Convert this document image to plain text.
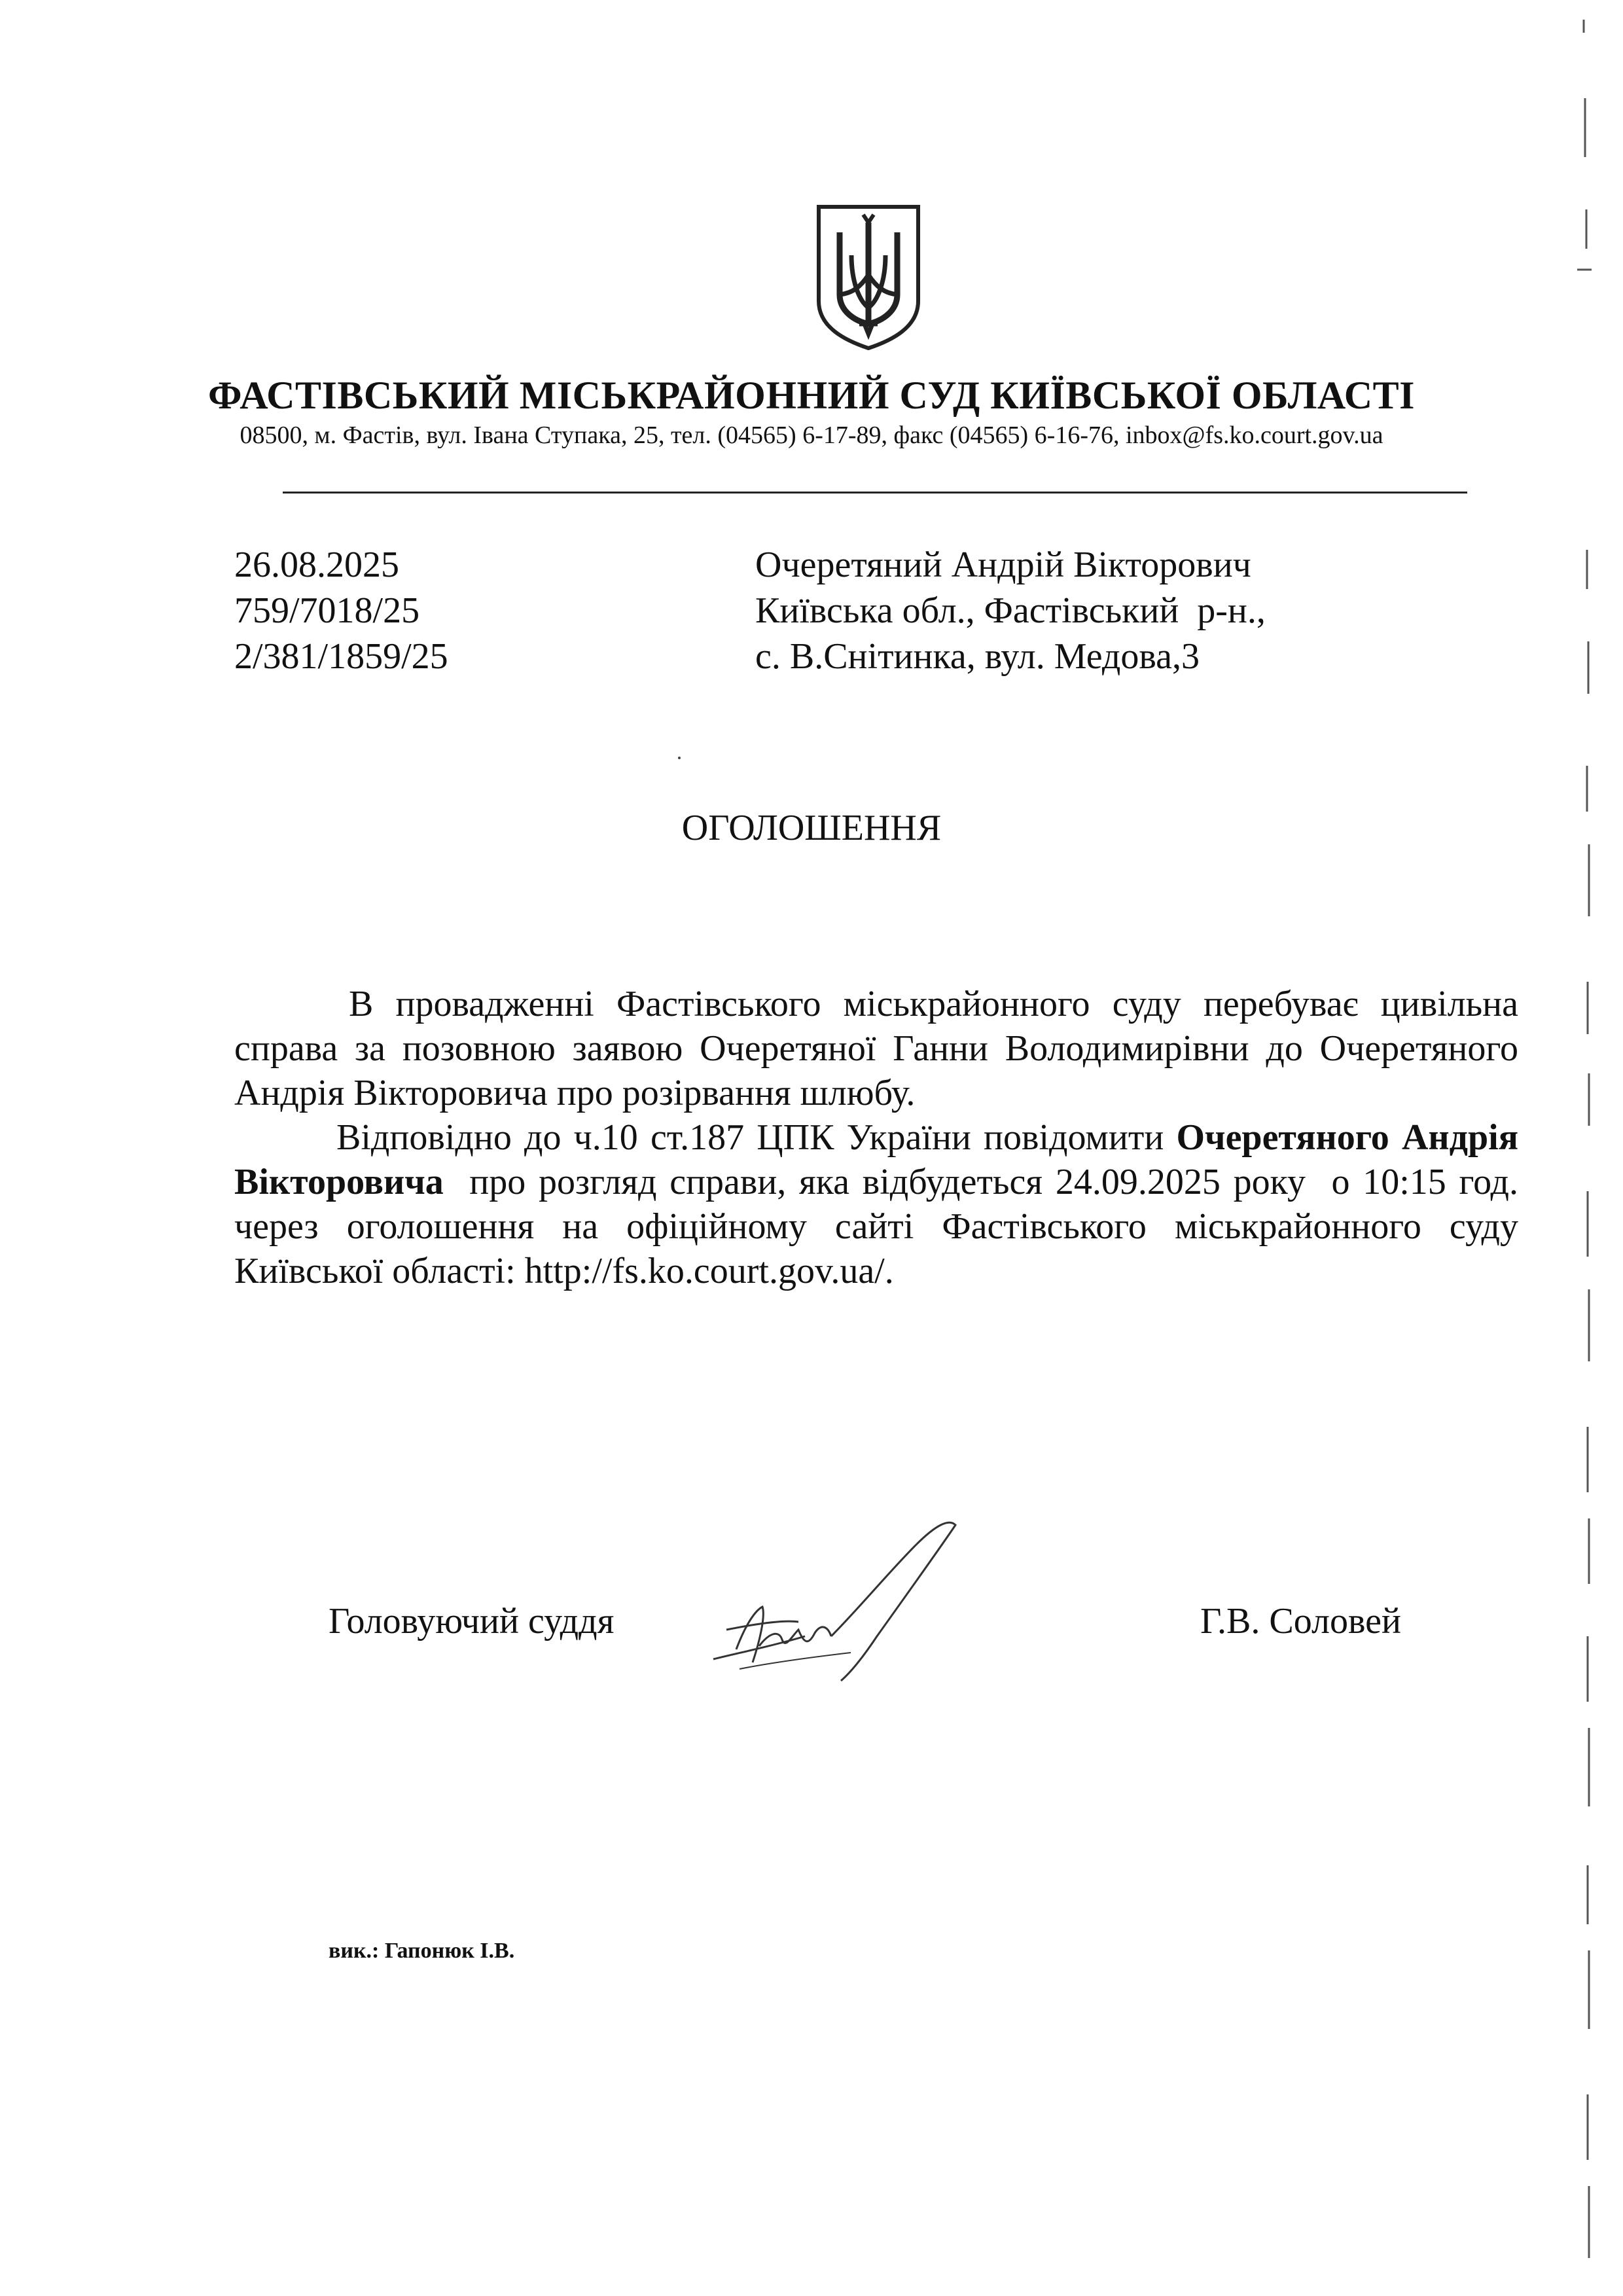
ФАСТІВСЬКИЙ МІСЬКРАЙОННИЙ СУД КИЇВСЬКОЇ ОБЛАСТІ
08500, м. Фастів, вул. Івана Ступака, 25, тел. (04565) 6-17-89, факс (04565) 6-16-76, inbox@fs.ko.court.gov.ua
26.08.2025
759/7018/25
2/381/1859/25
Очеретяний Андрій Вікторович
Київська обл., Фастівський  р-н.,
с. В.Снітинка, вул. Медова,3
ОГОЛОШЕННЯ

В провадженні Фастівського міськрайонного суду перебуває цивільна справа за позовною заявою Очеретяної Ганни Володимирівни до Очеретяного Андрія Вікторовича про розірвання шлюбу.

Відповідно до ч.10 ст.187 ЦПК України повідомити Очеретяного Андрія Вікторовича  про розгляд справи, яка відбудеться 24.09.2025 року  о 10:15 год. через оголошення на офіційному сайті Фастівського міськрайонного суду Київської області: http://fs.ko.court.gov.ua/.

Головуючий суддя	Г.В. Соловей
вик.: Гапонюк І.В.
